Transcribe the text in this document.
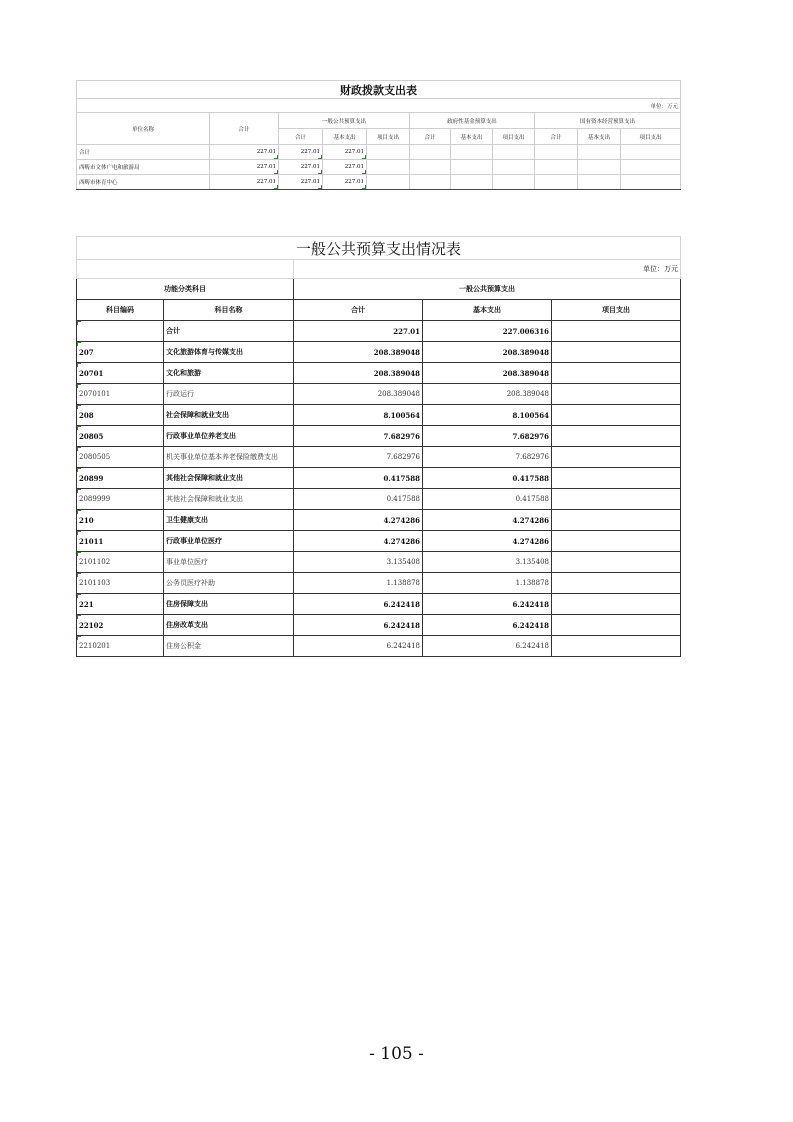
财政拨款支出表										
单位：万元										
单位名称	合计	一般公共预算支出			政府性基金预算支出			国有资本经营预算支出		
		合计	基本支出	项目支出	合计	基本支出	项目支出	合计	基本支出	项目支出
合计	227.01	227.01	227.01							
西畴市文体广电和旅游局	227.01	227.01	227.01							
西畴市体育中心	227.01	227.01	227.01							
一般公共预算支出情况表				
		单位：万元		
功能分类科目		一般公共预算支出		
科目编码	科目名称	合计	基本支出	项目支出
	合计	227.01	227.006316	
207	文化旅游体育与传媒支出	208.389048	208.389048	
20701	文化和旅游	208.389048	208.389048	
2070101	行政运行	208.389048	208.389048	
208	社会保障和就业支出	8.100564	8.100564	
20805	行政事业单位养老支出	7.682976	7.682976	
2080505	机关事业单位基本养老保险缴费支出	7.682976	7.682976	
20899	其他社会保障和就业支出	0.417588	0.417588	
2089999	其他社会保障和就业支出	0.417588	0.417588	
210	卫生健康支出	4.274286	4.274286	
21011	行政事业单位医疗	4.274286	4.274286	
2101102	事业单位医疗	3.135408	3.135408	
2101103	公务员医疗补助	1.138878	1.138878	
221	住房保障支出	6.242418	6.242418	
22102	住房改革支出	6.242418	6.242418	
2210201	住房公积金	6.242418	6.242418	
- 105 -
